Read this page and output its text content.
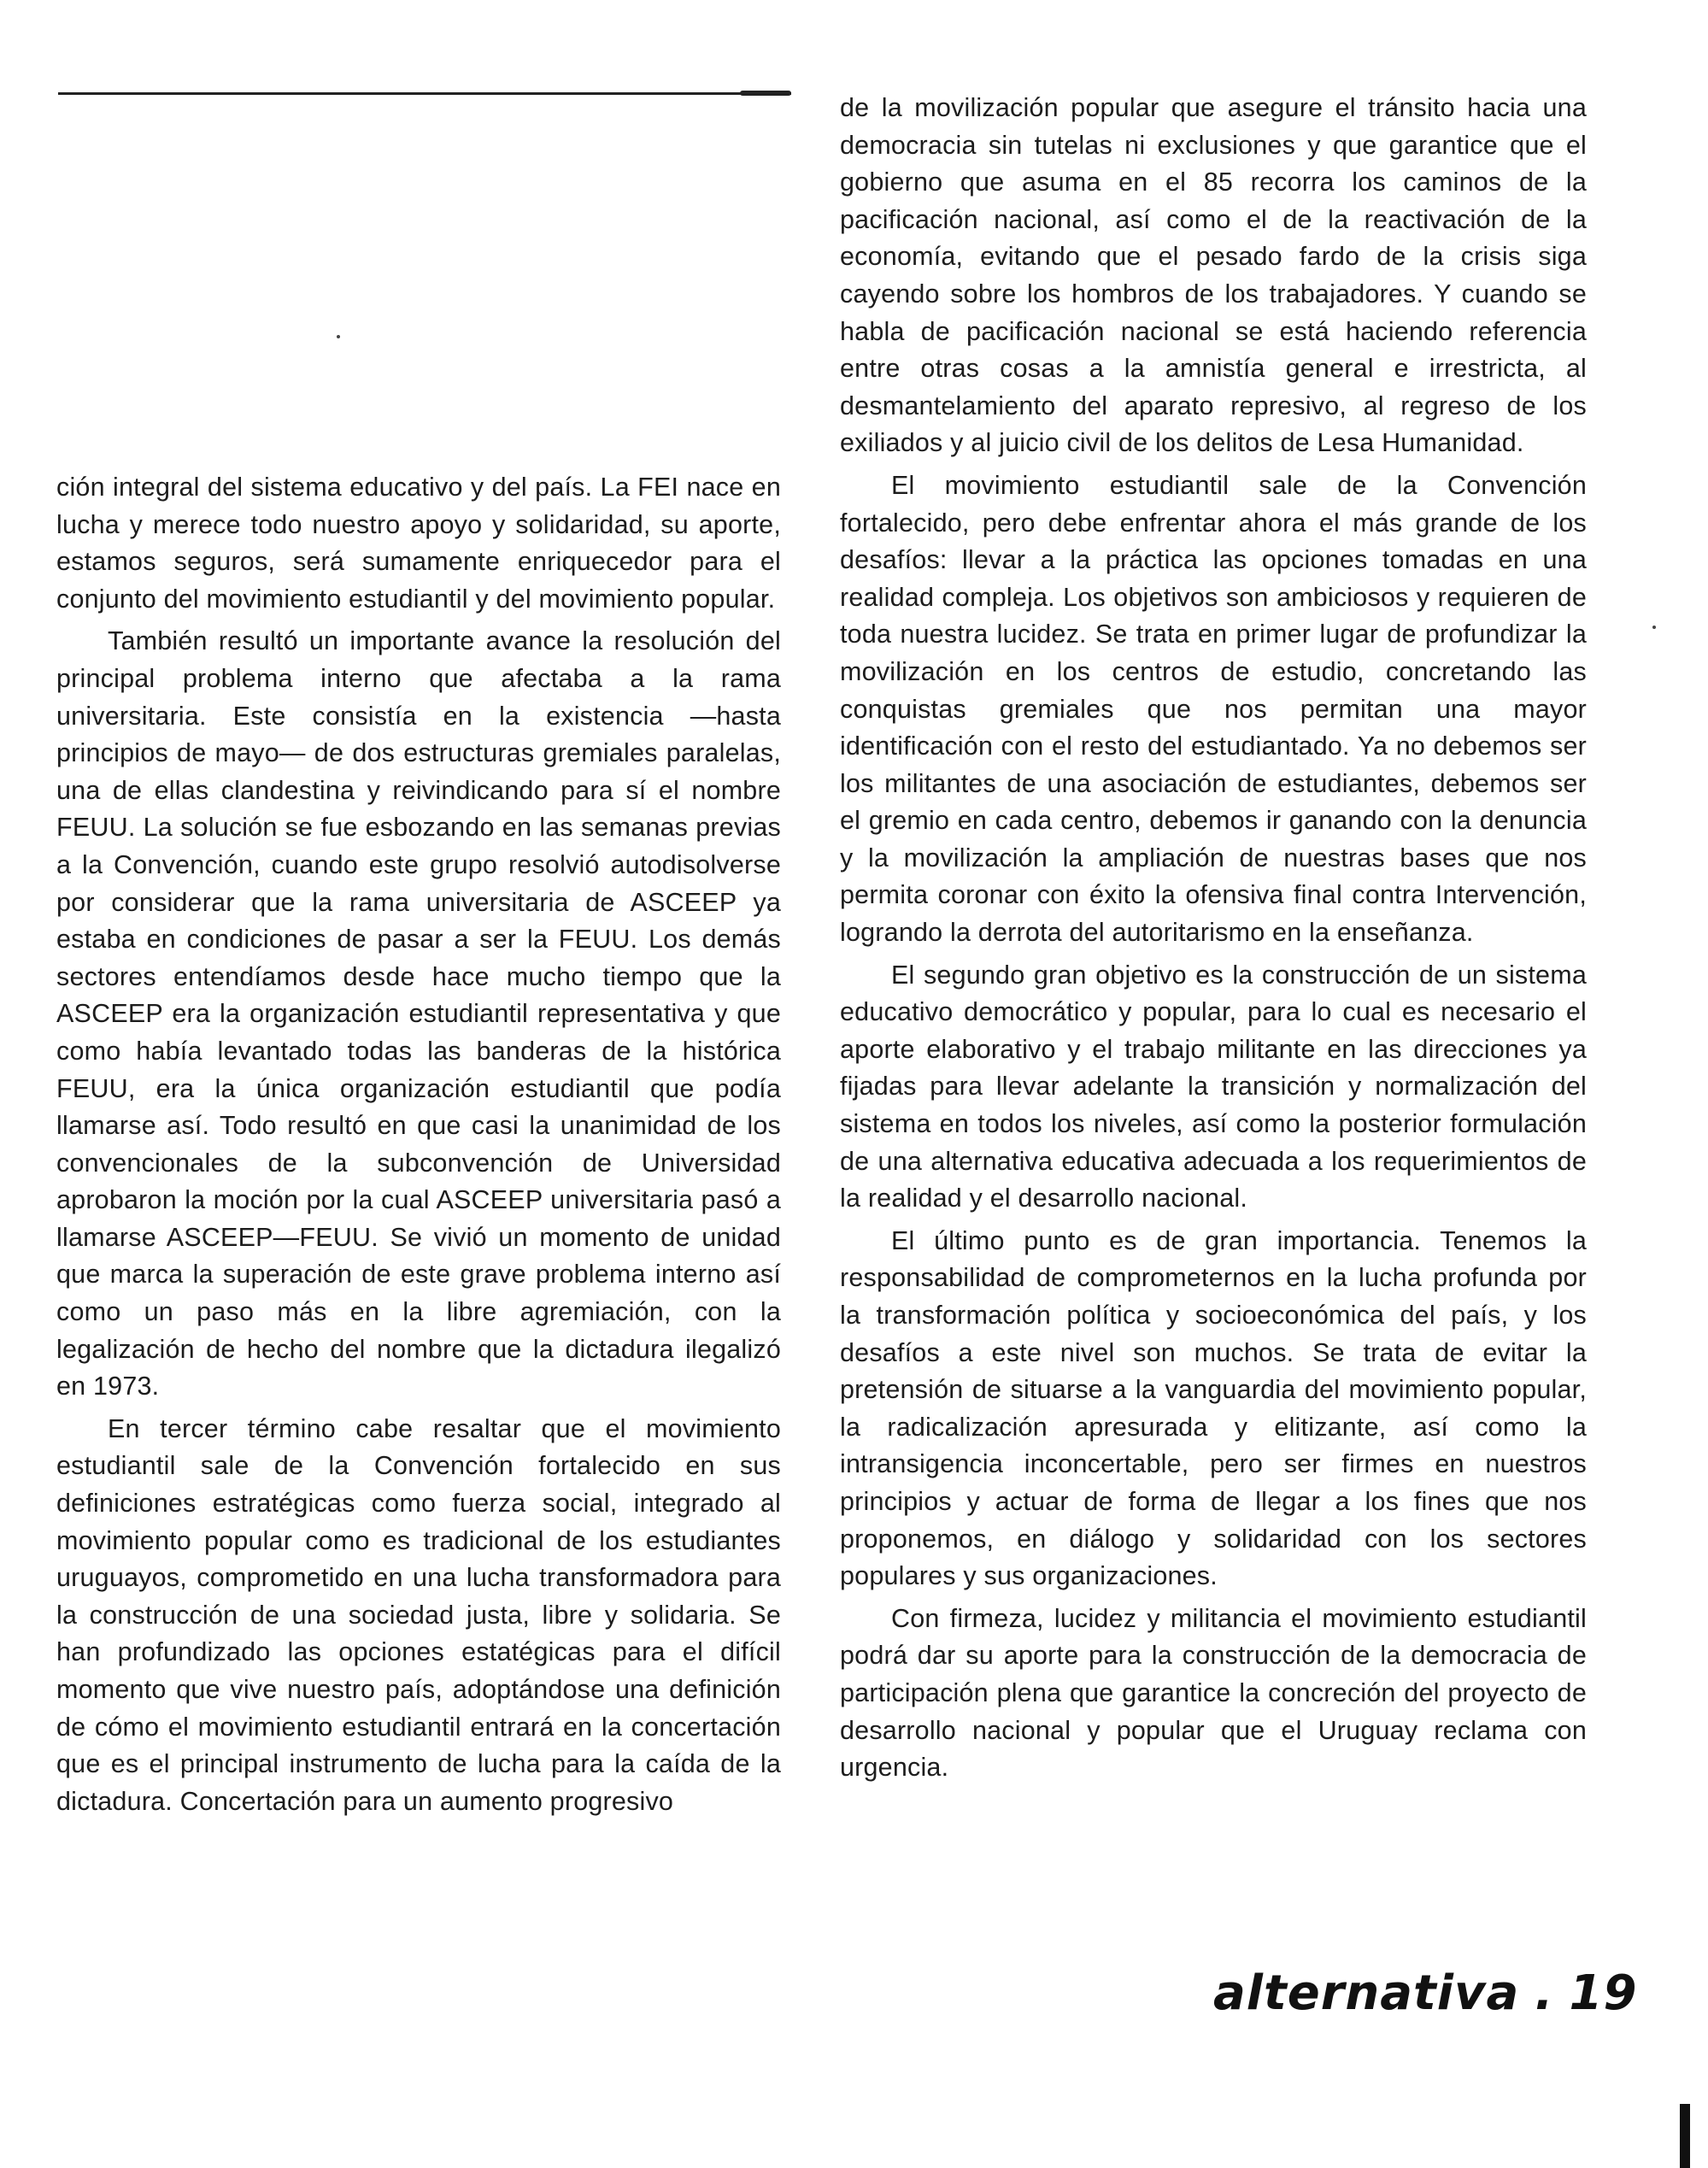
ción integral del sistema educativo y del país. La FEI nace en lucha y merece todo nuestro apoyo y solidaridad, su aporte, estamos seguros, será sumamente enriquecedor para el conjunto del movimiento estudiantil y del movimiento popular.

También resultó un importante avance la resolución del principal problema interno que afectaba a la rama universitaria. Este consistía en la existencia —hasta principios de mayo— de dos estructuras gremiales paralelas, una de ellas clandestina y reivindicando para sí el nombre FEUU. La solución se fue esbozando en las semanas previas a la Convención, cuando este grupo resolvió autodisolverse por considerar que la rama universitaria de ASCEEP ya estaba en condiciones de pasar a ser la FEUU. Los demás sectores entendíamos desde hace mucho tiempo que la ASCEEP era la organización estudiantil representativa y que como había levantado todas las banderas de la histórica FEUU, era la única organización estudiantil que podía llamarse así. Todo resultó en que casi la unanimidad de los convencionales de la subconvención de Universidad aprobaron la moción por la cual ASCEEP universitaria pasó a llamarse ASCEEP—FEUU. Se vivió un momento de unidad que marca la superación de este grave problema interno así como un paso más en la libre agremiación, con la legalización de hecho del nombre que la dictadura ilegalizó en 1973.

En tercer término cabe resaltar que el movimiento estudiantil sale de la Convención fortalecido en sus definiciones estratégicas como fuerza social, integrado al movimiento popular como es tradicional de los estudiantes uruguayos, comprometido en una lucha transformadora para la construcción de una sociedad justa, libre y solidaria. Se han profundizado las opciones estatégicas para el difícil momento que vive nuestro país, adoptándose una definición de cómo el movimiento estudiantil entrará en la concertación que es el principal instrumento de lucha para la caída de la dictadura. Concertación para un aumento progresivo

de la movilización popular que asegure el tránsito hacia una democracia sin tutelas ni exclusiones y que garantice que el gobierno que asuma en el 85 recorra los caminos de la pacificación nacional, así como el de la reactivación de la economía, evitando que el pesado fardo de la crisis siga cayendo sobre los hombros de los trabajadores. Y cuando se habla de pacificación nacional se está haciendo referencia entre otras cosas a la amnistía general e irrestricta, al desmantelamiento del aparato represivo, al regreso de los exiliados y al juicio civil de los delitos de Lesa Humanidad.

El movimiento estudiantil sale de la Convención fortalecido, pero debe enfrentar ahora el más grande de los desafíos: llevar a la práctica las opciones tomadas en una realidad compleja. Los objetivos son ambiciosos y requieren de toda nuestra lucidez. Se trata en primer lugar de profundizar la movilización en los centros de estudio, concretando las conquistas gremiales que nos permitan una mayor identificación con el resto del estudiantado. Ya no debemos ser los militantes de una asociación de estudiantes, debemos ser el gremio en cada centro, debemos ir ganando con la denuncia y la movilización la ampliación de nuestras bases que nos permita coronar con éxito la ofensiva final contra Intervención, logrando la derrota del autoritarismo en la enseñanza.

El segundo gran objetivo es la construcción de un sistema educativo democrático y popular, para lo cual es necesario el aporte elaborativo y el trabajo militante en las direcciones ya fijadas para llevar adelante la transición y normalización del sistema en todos los niveles, así como la posterior formulación de una alternativa educativa adecuada a los requerimientos de la realidad y el desarrollo nacional.

El último punto es de gran importancia. Tenemos la responsabilidad de comprometernos en la lucha profunda por la transformación política y socioeconómica del país, y los desafíos a este nivel son muchos. Se trata de evitar la pretensión de situarse a la vanguardia del movimiento popular, la radicalización apresurada y elitizante, así como la intransigencia inconcertable, pero ser firmes en nuestros principios y actuar de forma de llegar a los fines que nos proponemos, en diálogo y solidaridad con los sectores populares y sus organizaciones.

Con firmeza, lucidez y militancia el movimiento estudiantil podrá dar su aporte para la construcción de la democracia de participación plena que garantice la concreción del proyecto de desarrollo nacional y popular que el Uruguay reclama con urgencia.

alternativa . 19
